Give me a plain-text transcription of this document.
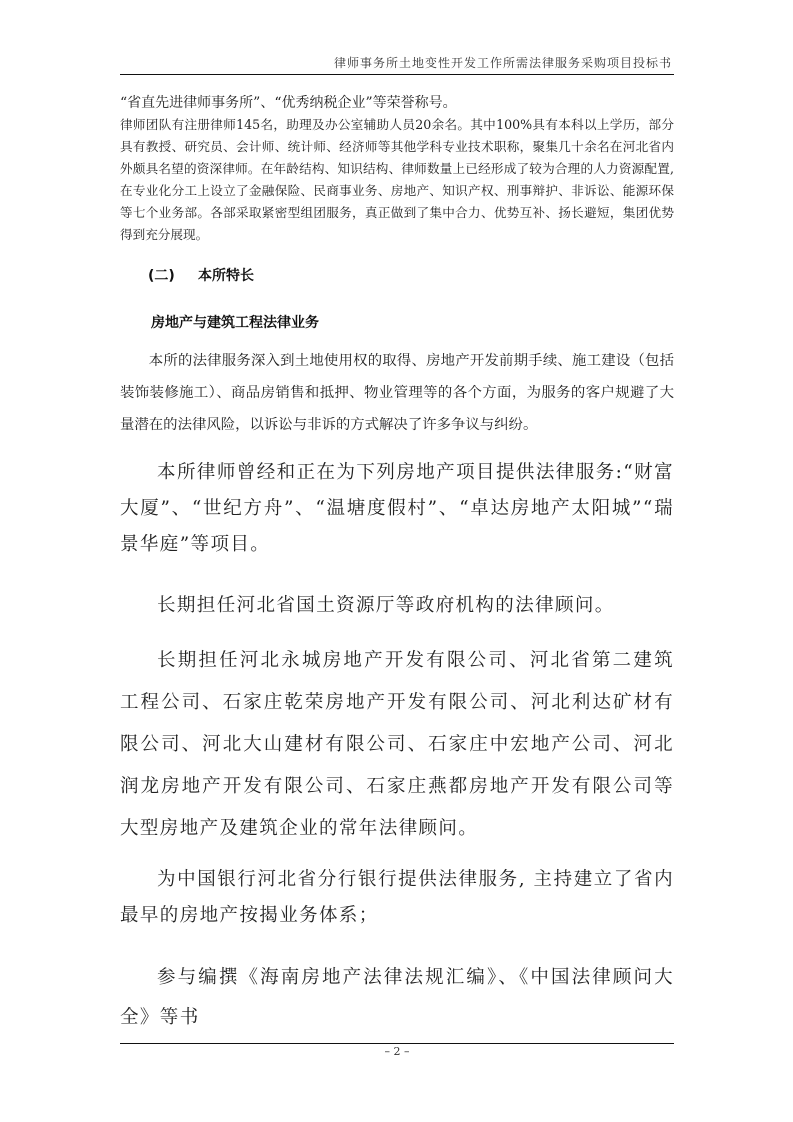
律师事务所土地变性开发工作所需法律服务采购项目投标书

“省直先进律师事务所”、“优秀纳税企业”等荣誉称号。

律师团队有注册律师145名，助理及办公室辅助人员20余名。其中100%具有本科以上学历，部分具有教授、研究员、会计师、统计师、经济师等其他学科专业技术职称，聚集几十余名在河北省内外颇具名望的资深律师。在年龄结构、知识结构、律师数量上已经形成了较为合理的人力资源配置,在专业化分工上设立了金融保险、民商事业务、房地产、知识产权、刑事辩护、非诉讼、能源环保等七个业务部。各部采取紧密型组团服务，真正做到了集中合力、优势互补、扬长避短，集团优势得到充分展现。

(二) 本所特长
房地产与建筑工程法律业务

本所的法律服务深入到土地使用权的取得、房地产开发前期手续、施工建设（包括装饰装修施工）、商品房销售和抵押、物业管理等的各个方面，为服务的客户规避了大量潜在的法律风险，以诉讼与非诉的方式解决了许多争议与纠纷。

本所律师曾经和正在为下列房地产项目提供法律服务:“财富大厦”、“世纪方舟”、“温塘度假村”、“卓达房地产太阳城”“瑞景华庭”等项目。

长期担任河北省国土资源厅等政府机构的法律顾问。

长期担任河北永城房地产开发有限公司、河北省第二建筑工程公司、石家庄乾荣房地产开发有限公司、河北利达矿材有限公司、河北大山建材有限公司、石家庄中宏地产公司、河北润龙房地产开发有限公司、石家庄燕都房地产开发有限公司等大型房地产及建筑企业的常年法律顾问。

为中国银行河北省分行银行提供法律服务, 主持建立了省内最早的房地产按揭业务体系；

参与编撰《海南房地产法律法规汇编》、《中国法律顾问大全》等书

– 2 –
